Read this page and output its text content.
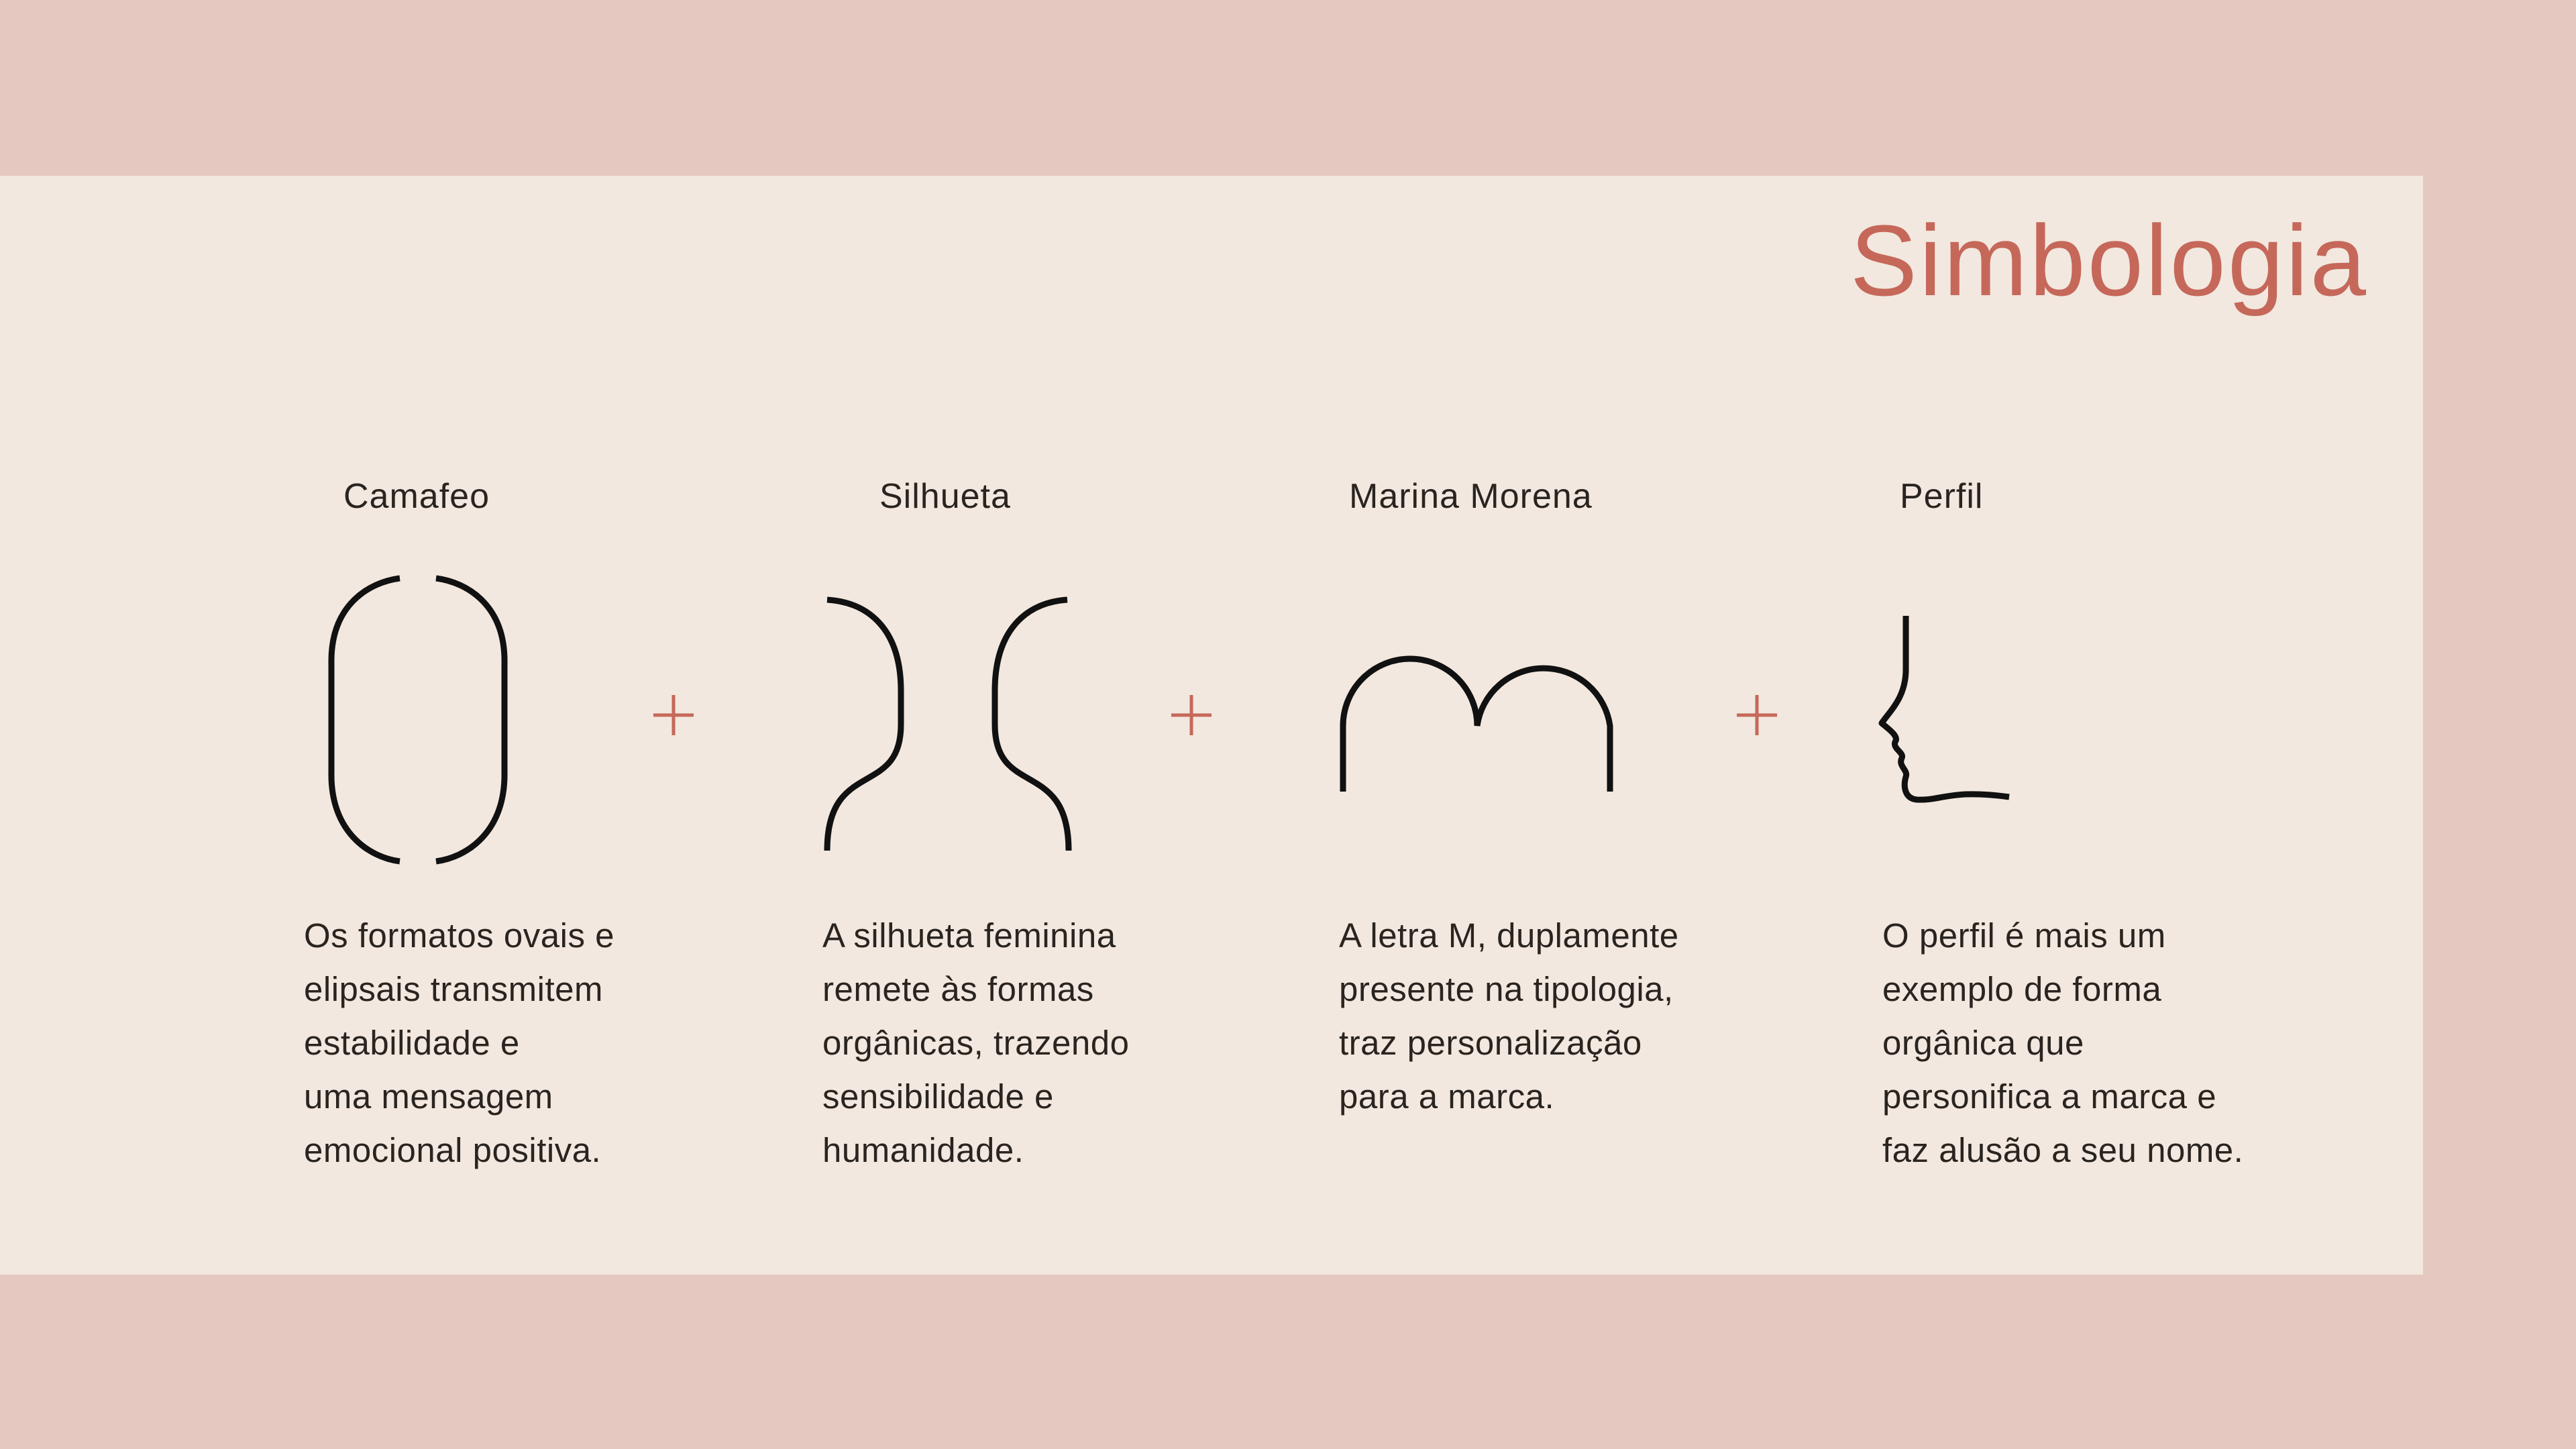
Simbologia
Camafeo	Silhueta	Marina Morena	Perfil
Os formatos ovais e
elipsais transmitem
estabilidade e
uma mensagem
emocional positiva.
A silhueta feminina
remete às formas
orgânicas, trazendo
sensibilidade e
humanidade.
A letra M, duplamente
presente na tipologia,
traz personalização
para a marca.
O perfil é mais um
exemplo de forma
orgânica que
personifica a marca e
faz alusão a seu nome.
